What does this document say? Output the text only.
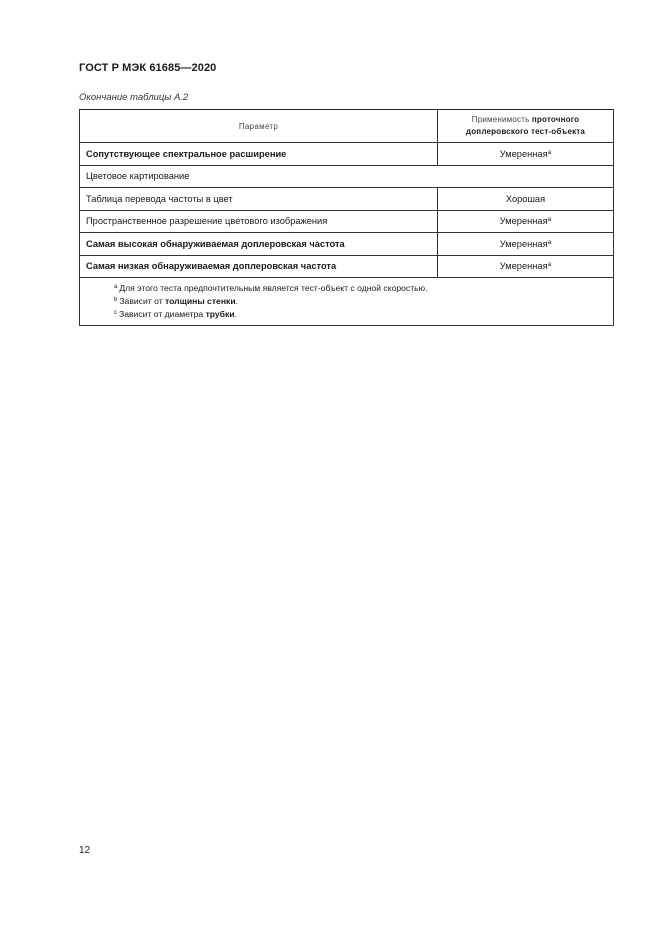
ГОСТ Р МЭК 61685—2020
Окончание таблицы А.2
Параметр	Применимость проточного
доплеровского тест-объекта
Сопутствующее спектральное расширение	Умеренная$^a$
Цветовое картирование	
Таблица перевода частоты в цвет	Хорошая
Пространственное разрешение цветового изображения	Умеренная$^a$
Самая высокая обнаруживаемая доплеровская частота	Умеренная$^a$
Самая низкая обнаруживаемая доплеровская частота	Умеренная$^a$

$^a$ Для этого теста предпочтительным является тест-объект с одной скоростью.
$^b$ Зависит от толщины стенки.
$^c$ Зависит от диаметра трубки.	
12
